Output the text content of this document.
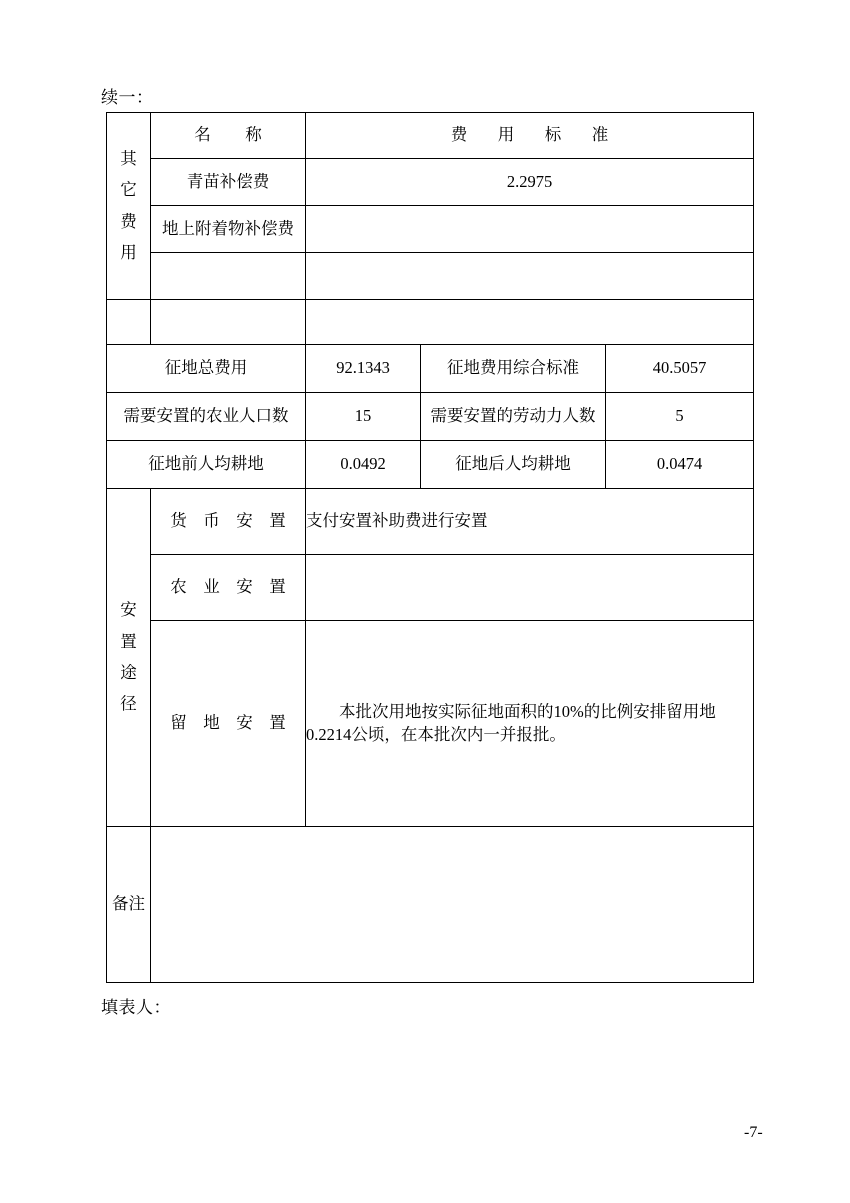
续一：
其
它
费
用	名　称	费　用　标　准		
	青苗补偿费	2.2975		
	地上附着物补偿费			

征地总费用		92.1343	征地费用综合标准	40.5057
需要安置的农业人口数		15	需要安置的劳动力人数	5
征地前人均耕地		0.0492	征地后人均耕地	0.0474

安
置
途
径	货　币　安　置	支付安置补助费进行安置		
	农　业　安　置			
	留　地　安　置	本批次用地按实际征地面积的10%的比例安排留用地0.2214公顷，在本批次内一并报批。		

备注				

填表人：
-7-
